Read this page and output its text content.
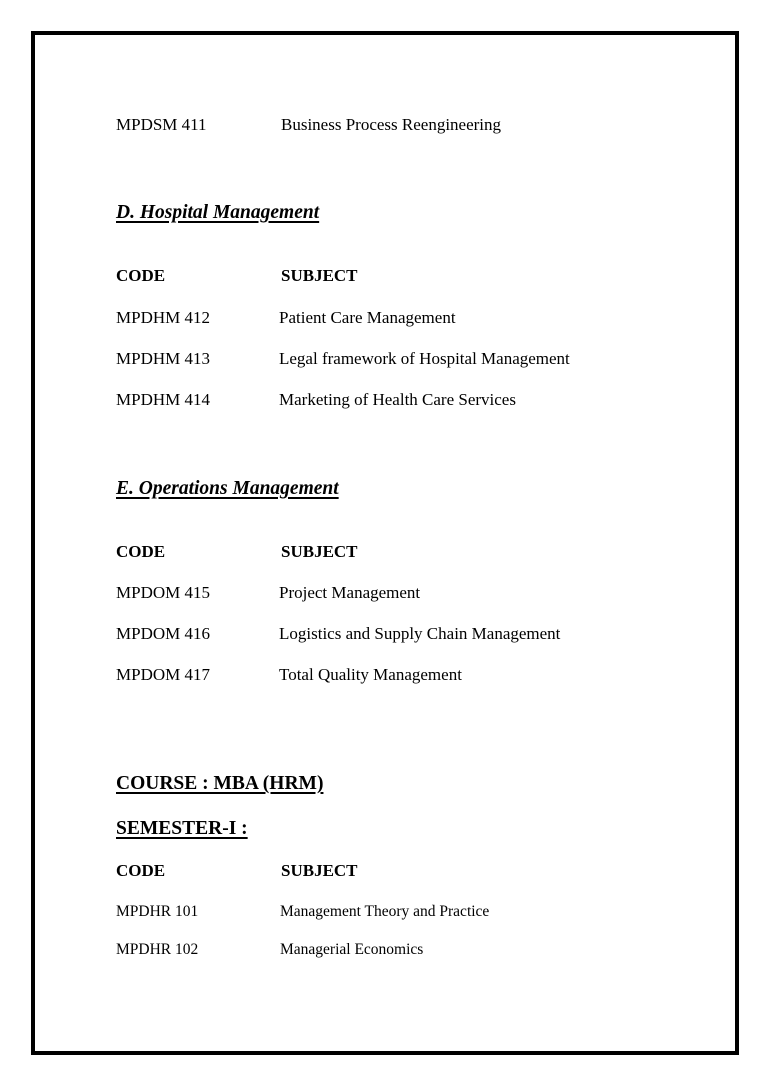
MPDSM 411	Business Process Reengineering
D. Hospital Management
CODE	SUBJECT
MPDHM 412	Patient Care Management
MPDHM 413	Legal framework of Hospital Management
MPDHM 414	Marketing of Health Care Services
E. Operations Management
CODE	SUBJECT
MPDOM 415	Project Management
MPDOM 416	Logistics and Supply Chain Management
MPDOM 417	Total Quality Management
COURSE : MBA (HRM)
SEMESTER-I :
CODE	SUBJECT
MPDHR 101	Management Theory and Practice
MPDHR 102	Managerial Economics
